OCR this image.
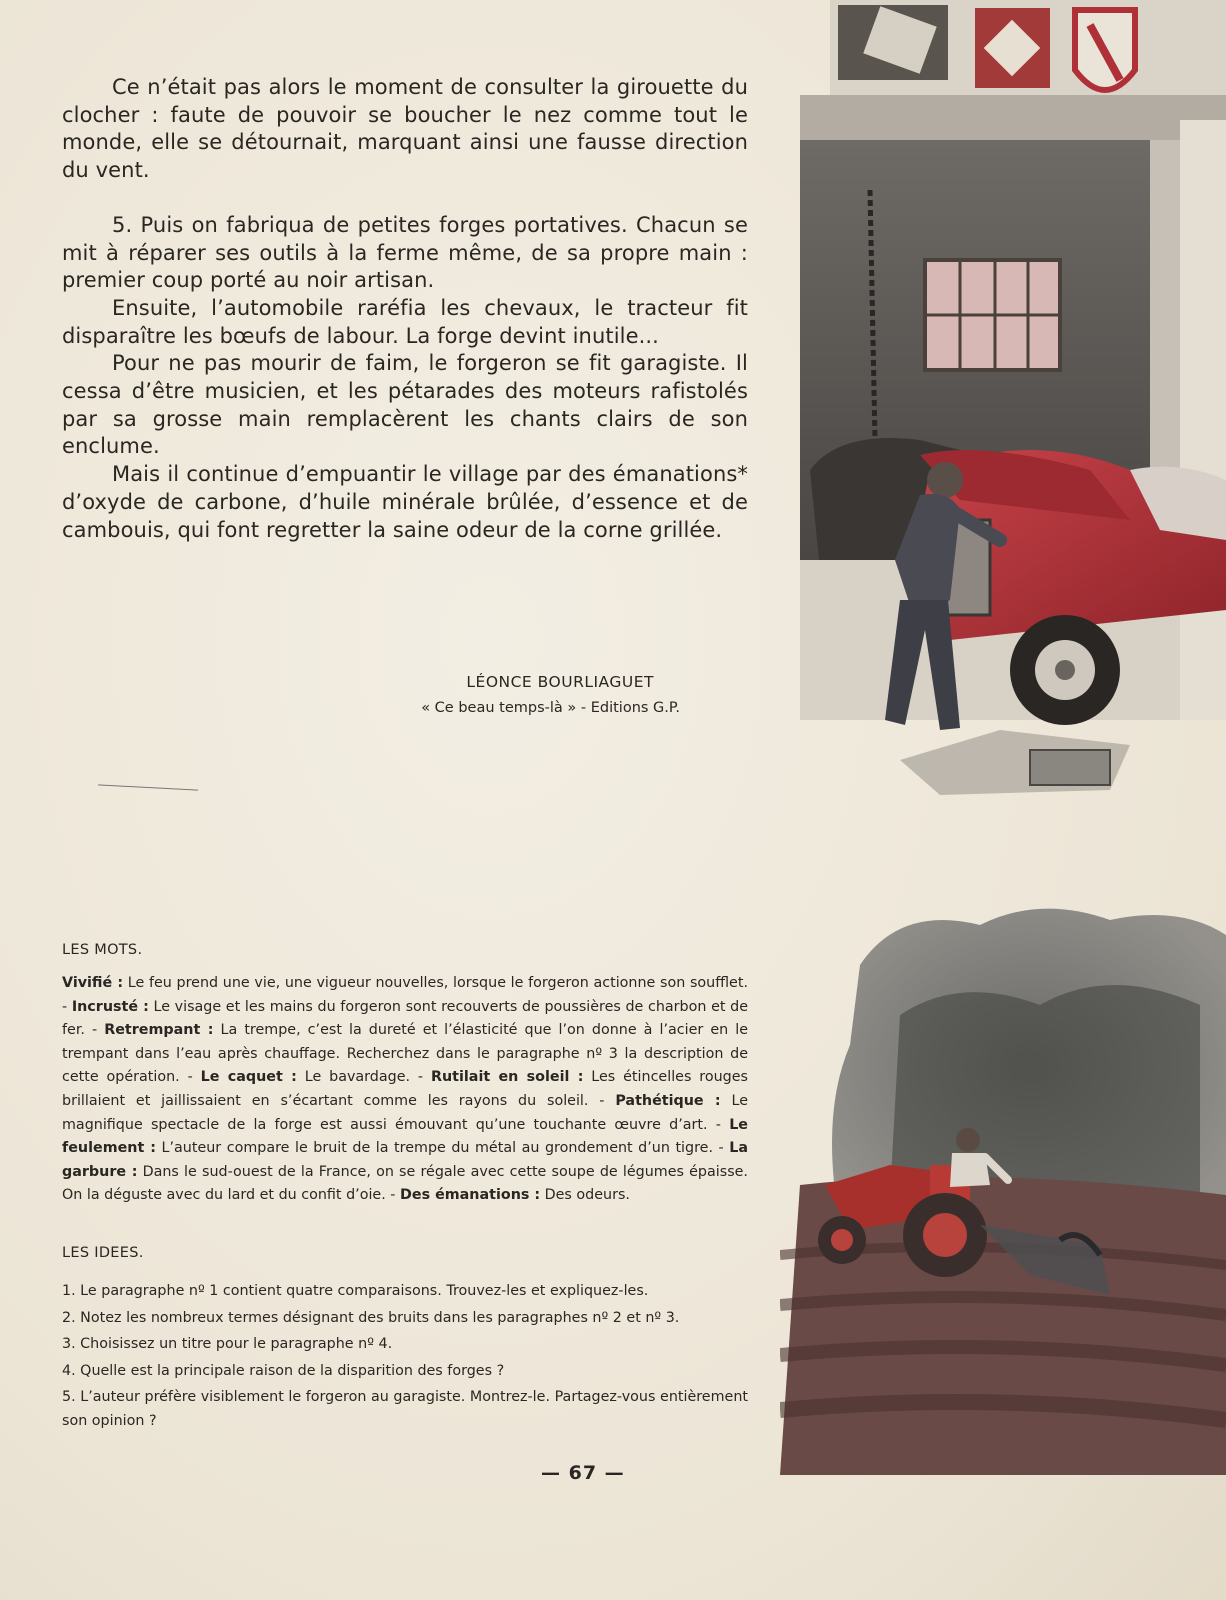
Ce n’était pas alors le moment de consulter la girouette du clocher : faute de pouvoir se boucher le nez comme tout le monde, elle se détournait, marquant ainsi une fausse direction du vent.

5. Puis on fabriqua de petites forges portatives. Chacun se mit à réparer ses outils à la ferme même, de sa propre main : premier coup porté au noir artisan.

Ensuite, l’automobile raréfia les chevaux, le tracteur fit disparaître les bœufs de labour. La forge devint inutile...

Pour ne pas mourir de faim, le forgeron se fit garagiste. Il cessa d’être musicien, et les pétarades des moteurs rafistolés par sa grosse main remplacèrent les chants clairs de son enclume.

Mais il continue d’empuantir le village par des émanations* d’oxyde de carbone, d’huile minérale brûlée, d’essence et de cambouis, qui font regretter la saine odeur de la corne grillée.

LÉONCE BOURLIAGUET
« Ce beau temps-là » - Editions G.P.
LES MOTS.
Vivifié : Le feu prend une vie, une vigueur nouvelles, lorsque le forgeron actionne son soufflet. - Incrusté : Le visage et les mains du forgeron sont recouverts de poussières de charbon et de fer. - Retrempant : La trempe, c’est la dureté et l’élasticité que l’on donne à l’acier en le trempant dans l’eau après chauffage. Recherchez dans le paragraphe nº 3 la description de cette opération. - Le caquet : Le bavardage. - Rutilait en soleil : Les étincelles rouges brillaient et jaillissaient en s’écartant comme les rayons du soleil. - Pathétique : Le magnifique spectacle de la forge est aussi émouvant qu’une touchante œuvre d’art. - Le feulement : L’auteur compare le bruit de la trempe du métal au grondement d’un tigre. - La garbure : Dans le sud-ouest de la France, on se régale avec cette soupe de légumes épaisse. On la déguste avec du lard et du confit d’oie. - Des émanations : Des odeurs.
LES IDEES.
1. Le paragraphe nº 1 contient quatre comparaisons. Trouvez-les et expliquez-les.
2. Notez les nombreux termes désignant des bruits dans les paragraphes nº 2 et nº 3.
3. Choisissez un titre pour le paragraphe nº 4.
4. Quelle est la principale raison de la disparition des forges ?
5. L’auteur préfère visiblement le forgeron au garagiste. Montrez-le. Partagez-vous entièrement son opinion ?
— 67 —
